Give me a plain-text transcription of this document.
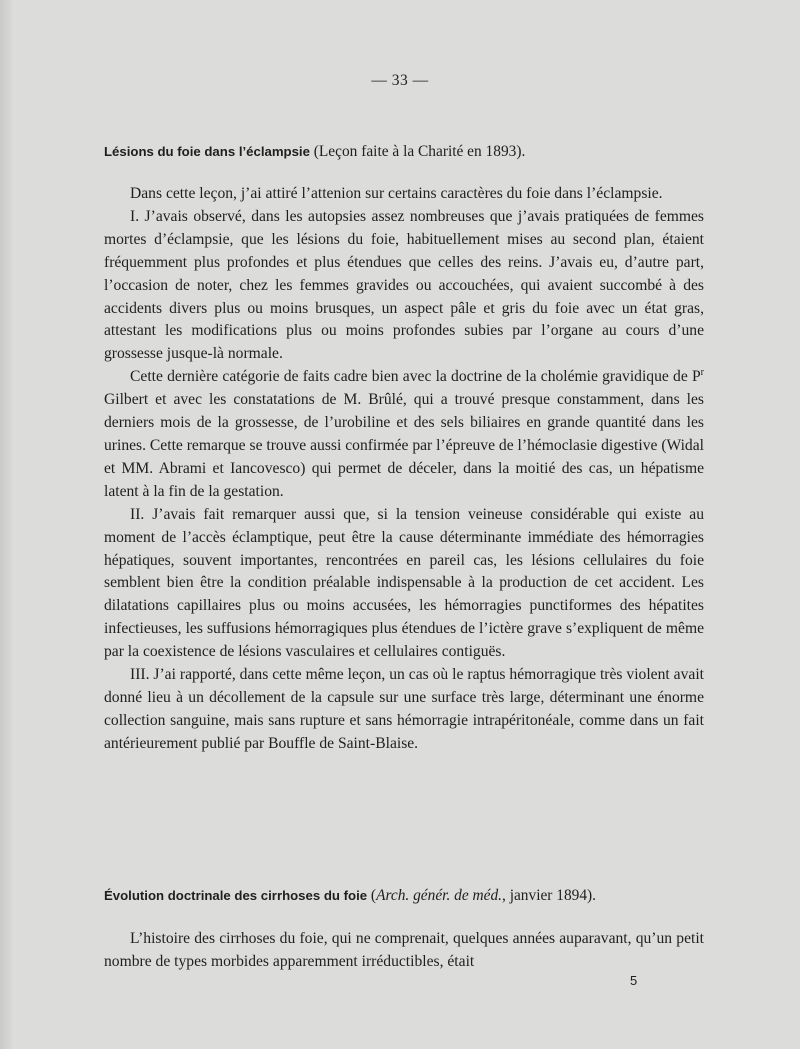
— 33 —

Lésions du foie dans l’éclampsie (Leçon faite à la Charité en 1893).

Dans cette leçon, j’ai attiré l’attenion sur certains caractères du foie dans l’éclampsie.

I. J’avais observé, dans les autopsies assez nombreuses que j’avais pratiquées de femmes mortes d’éclampsie, que les lésions du foie, habituellement mises au second plan, étaient fréquemment plus profondes et plus étendues que celles des reins. J’avais eu, d’autre part, l’occasion de noter, chez les femmes gravides ou accouchées, qui avaient succombé à des accidents divers plus ou moins brusques, un aspect pâle et gris du foie avec un état gras, attestant les modifications plus ou moins profondes subies par l’organe au cours d’une grossesse jusque-là normale.

Cette dernière catégorie de faits cadre bien avec la doctrine de la cholémie gravidique de $P^r$ Gilbert et avec les constatations de M. Brûlé, qui a trouvé presque constamment, dans les derniers mois de la grossesse, de l’urobiline et des sels biliaires en grande quantité dans les urines. Cette remarque se trouve aussi confirmée par l’épreuve de l’hémoclasie digestive (Widal et MM. Abrami et Iancovesco) qui permet de déceler, dans la moitié des cas, un hépatisme latent à la fin de la gestation.

II. J’avais fait remarquer aussi que, si la tension veineuse considérable qui existe au moment de l’accès éclamptique, peut être la cause déterminante immédiate des hémorragies hépatiques, souvent importantes, rencontrées en pareil cas, les lésions cellulaires du foie semblent bien être la condition préalable indispensable à la production de cet accident. Les dilatations capillaires plus ou moins accusées, les hémorragies punctiformes des hépatites infectieuses, les suffusions hémorragiques plus étendues de l’ictère grave s’expliquent de même par la coexistence de lésions vasculaires et cellulaires contiguës.

III. J’ai rapporté, dans cette même leçon, un cas où le raptus hémorragique très violent avait donné lieu à un décollement de la capsule sur une surface très large, déterminant une énorme collection sanguine, mais sans rupture et sans hémorragie intrapéritonéale, comme dans un fait antérieurement publié par Bouffle de Saint-Blaise.

Évolution doctrinale des cirrhoses du foie (Arch. génér. de méd., janvier 1894).

L’histoire des cirrhoses du foie, qui ne comprenait, quelques années auparavant, qu’un petit nombre de types morbides apparemment irréductibles, était

5
